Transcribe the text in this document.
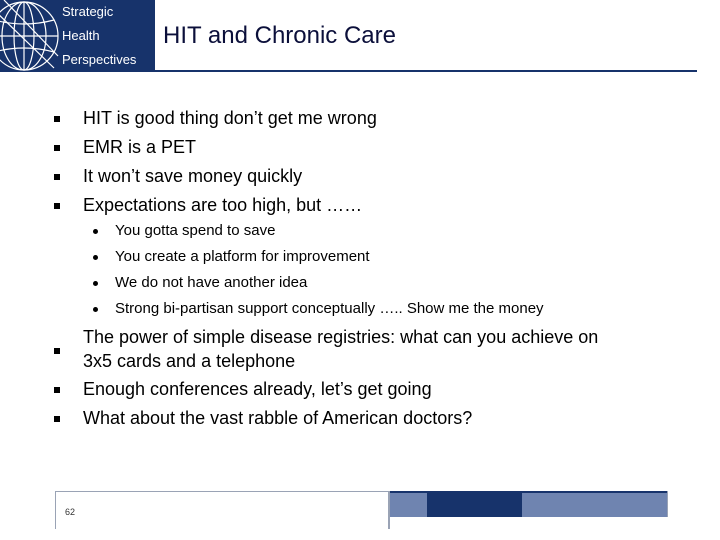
Strategic
Health
Perspectives
HIT and Chronic Care
HIT is good thing don’t get me wrong
EMR is a PET
It won’t save money quickly
Expectations are too high, but ……
You gotta spend to save
You create a platform for improvement
We do not have another idea
Strong bi-partisan support conceptually ….. Show me the money
The power of simple disease registries: what can you achieve on
3x5 cards and a telephone
Enough conferences already, let’s get going
What about the vast rabble of American doctors?
62
